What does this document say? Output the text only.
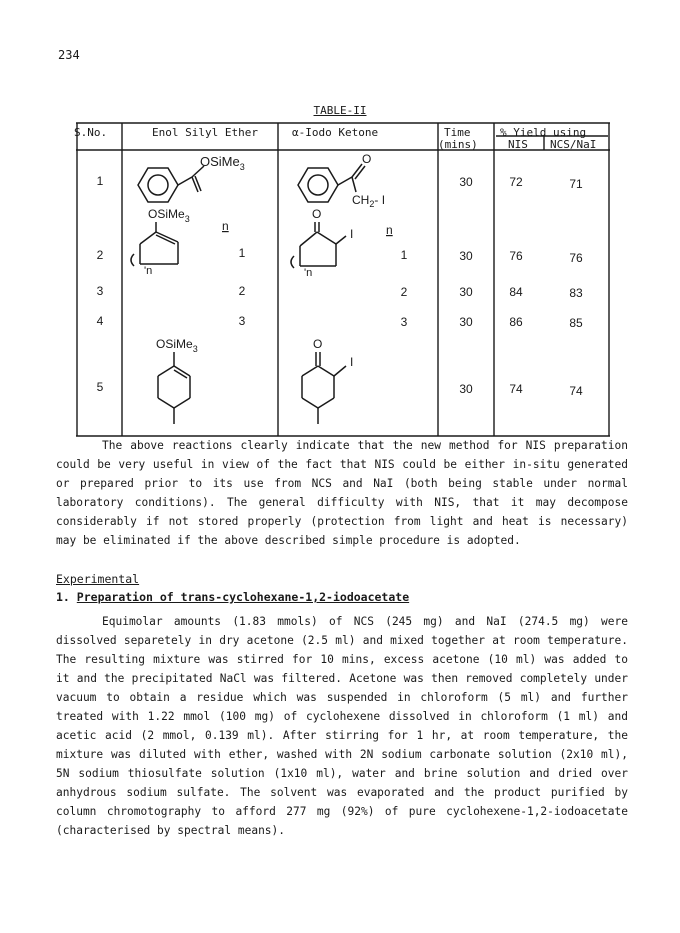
234
TABLE-II
S.No.	Enol Silyl Ether	α-Iodo Ketone	Time
(mins)
% Yield using
NIS NCS/NaI
1	30	72	71
2	1	1	30	76	76
3	2	2	30	84	83
4	3	3	30	86	85
5	30	74	74
OSiMe$_3$
O
$CH_2-$ I
OSiMe$_3$
'n
n
O
I
'n
n
OSiMe$_3$	O
I

The above reactions clearly indicate that the new method for NIS preparation could be very useful in view of the fact that NIS could be either in-situ generated or prepared prior to its use from NCS and NaI (both being stable under normal laboratory conditions). The general difficulty with NIS, that it may decompose considerably if not stored properly (protection from light and heat is necessary) may be eliminated if the above described simple procedure is adopted.

Experimental
1. Preparation of trans-cyclohexane-1,2-iodoacetate

Equimolar amounts (1.83 mmols) of NCS (245 mg) and NaI (274.5 mg) were dissolved separetely in dry acetone (2.5 ml) and mixed together at room temperature. The resulting mixture was stirred for 10 mins, excess acetone (10 ml) was added to it and the precipitated NaCl was filtered. Acetone was then removed completely under vacuum to obtain a residue which was suspended in chloroform (5 ml) and further treated with 1.22 mmol (100 mg) of cyclohexene dissolved in chloroform (1 ml) and acetic acid (2 mmol, 0.139 ml). After stirring for 1 hr, at room temperature, the mixture was diluted with ether, washed with 2N sodium carbonate solution (2x10 ml), 5N sodium thiosulfate solution (1x10 ml), water and brine solution and dried over anhydrous sodium sulfate. The solvent was evaporated and the product purified by column chromotography to afford 277 mg (92%) of pure cyclohexene-1,2-iodoacetate (characterised by spectral means).
